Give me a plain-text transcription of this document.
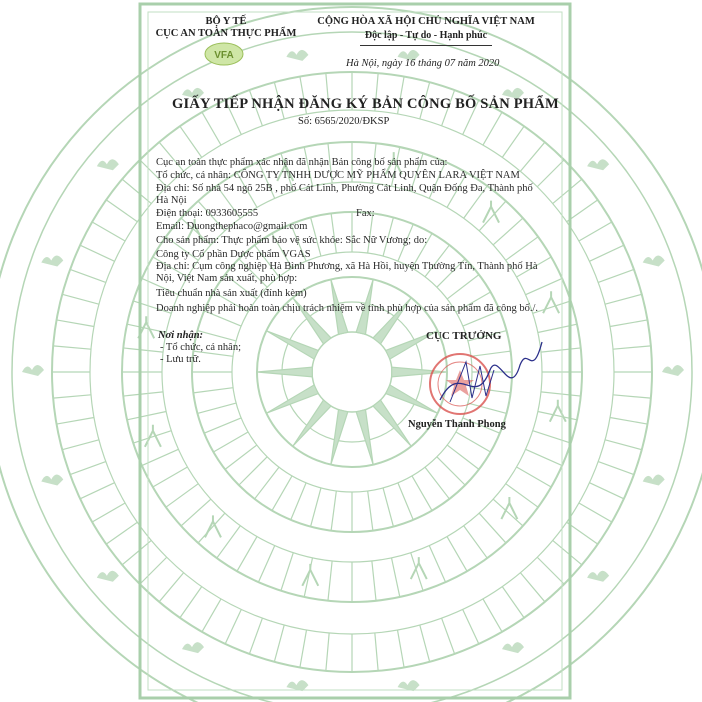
BỘ Y TẾ
CỤC AN TOÀN THỰC PHẨM
VFA
CỘNG HÒA XÃ HỘI CHỦ NGHĨA VIỆT NAM
Độc lập - Tự do - Hạnh phúc
Hà Nội, ngày 16 tháng 07 năm 2020
GIẤY TIẾP NHẬN ĐĂNG KÝ BẢN CÔNG BỐ SẢN PHẨM
Số: 6565/2020/ĐKSP
Cục an toàn thực phẩm xác nhận đã nhận Bản công bố sản phẩm của:
Tổ chức, cá nhân: CÔNG TY TNHH DƯỢC MỸ PHẨM QUYÊN LARA VIỆT NAM
Địa chỉ: Số nhà 54 ngõ 25B , phố Cát Linh, Phường Cát Linh, Quận Đống Đa, Thành phố
Hà Nội
Điện thoại: 0933605555	Fax:
Email: Duongthephaco@gmail.com
Cho sản phẩm: Thực phẩm bảo vệ sức khỏe: Sắc Nữ Vương; do:
Công ty Cổ phần Dược phẩm VGAS
Địa chỉ: Cụm công nghiệp Hà Bình Phương, xã Hà Hồi, huyện Thường Tín, Thành phố Hà
Nội, Việt Nam sản xuất, phù hợp:
Tiêu chuẩn nhà sản xuất (đính kèm)
Doanh nghiệp phải hoàn toàn chịu trách nhiệm về tính phù hợp của sản phẩm đã công bố./.
Nơi nhận:
- Tổ chức, cá nhân;
- Lưu trữ.
CỤC TRƯỞNG
Nguyễn Thanh Phong
